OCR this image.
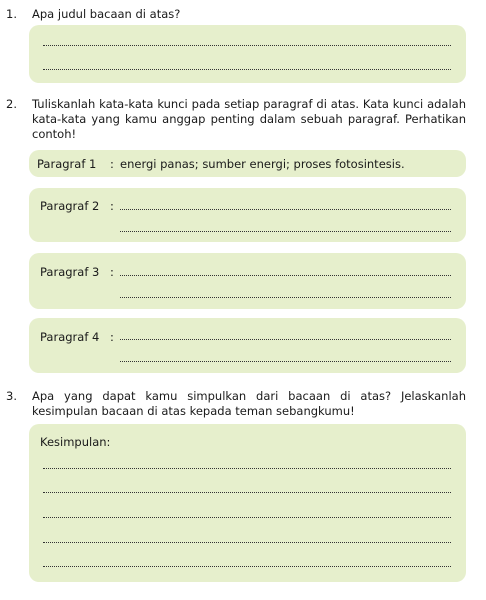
1. Apa judul bacaan di atas?
2. Tuliskanlah kata-kata kunci pada setiap paragraf di atas. Kata kunci adalah
kata-kata yang kamu anggap penting dalam sebuah paragraf. Perhatikan
contoh!
Paragraf 1 : energi panas; sumber energi; proses fotosintesis.
Paragraf 2 :
Paragraf 3 :
Paragraf 4 :
3. Apa yang dapat kamu simpulkan dari bacaan di atas? Jelaskanlah
kesimpulan bacaan di atas kepada teman sebangkumu!
Kesimpulan:
